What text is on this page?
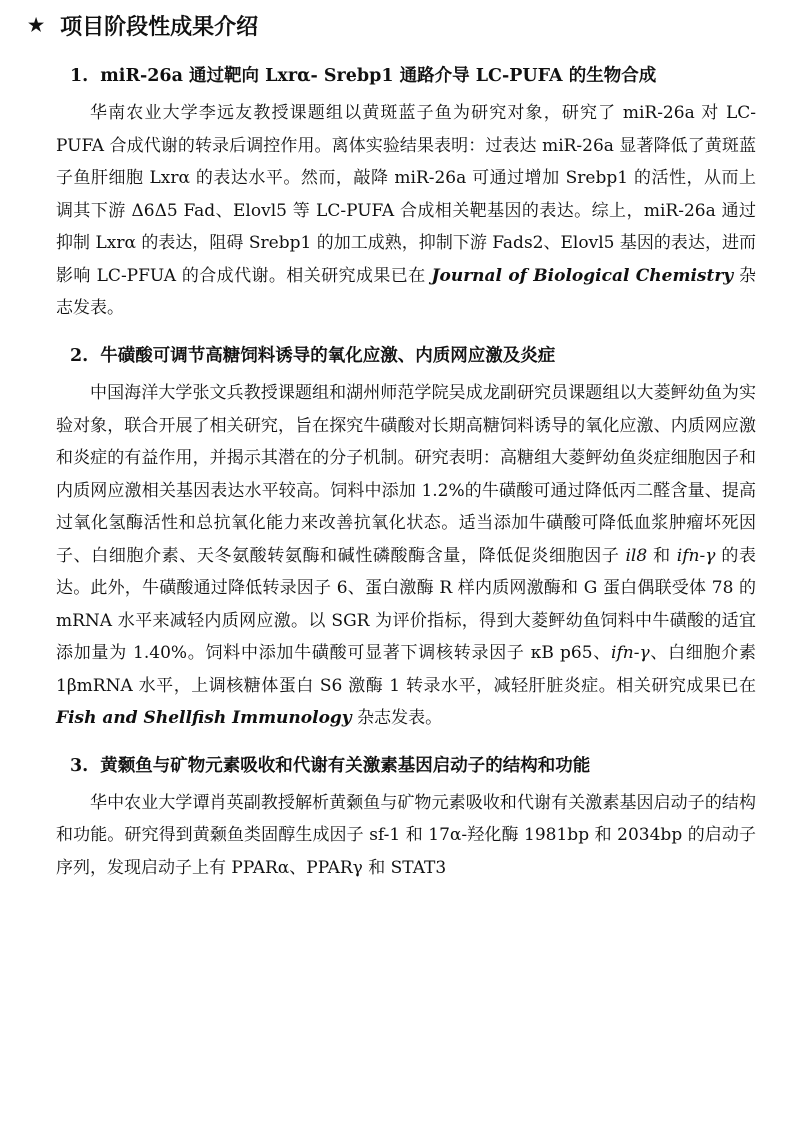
★ 项目阶段性成果介绍
1. miR-26a 通过靶向 Lxrα- Srebp1 通路介导 LC-PUFA 的生物合成

华南农业大学李远友教授课题组以黄斑蓝子鱼为研究对象，研究了 miR-26a 对 LC-PUFA 合成代谢的转录后调控作用。离体实验结果表明：过表达 miR-26a 显著降低了黄斑蓝子鱼肝细胞 Lxrα 的表达水平。然而，敲降 miR-26a 可通过增加 Srebp1 的活性，从而上调其下游 Δ6Δ5 Fad、Elovl5 等 LC-PUFA 合成相关靶基因的表达。综上，miR-26a 通过抑制 Lxrα 的表达，阻碍 Srebp1 的加工成熟，抑制下游 Fads2、Elovl5 基因的表达，进而影响 LC-PFUA 的合成代谢。相关研究成果已在 Journal of Biological Chemistry 杂志发表。

2. 牛磺酸可调节高糖饲料诱导的氧化应激、内质网应激及炎症

中国海洋大学张文兵教授课题组和湖州师范学院吴成龙副研究员课题组以大菱鲆幼鱼为实验对象，联合开展了相关研究，旨在探究牛磺酸对长期高糖饲料诱导的氧化应激、内质网应激和炎症的有益作用，并揭示其潜在的分子机制。研究表明：高糖组大菱鲆幼鱼炎症细胞因子和内质网应激相关基因表达水平较高。饲料中添加 1.2%的牛磺酸可通过降低丙二醛含量、提高过氧化氢酶活性和总抗氧化能力来改善抗氧化状态。适当添加牛磺酸可降低血浆肿瘤坏死因子、白细胞介素、天冬氨酸转氨酶和碱性磷酸酶含量，降低促炎细胞因子 il8 和 ifn-γ 的表达。此外，牛磺酸通过降低转录因子 6、蛋白激酶 R 样内质网激酶和 G 蛋白偶联受体 78 的 mRNA 水平来减轻内质网应激。以 SGR 为评价指标，得到大菱鲆幼鱼饲料中牛磺酸的适宜添加量为 1.40%。饲料中添加牛磺酸可显著下调核转录因子 κB p65、ifn-γ、白细胞介素 1βmRNA 水平，上调核糖体蛋白 S6 激酶 1 转录水平，减轻肝脏炎症。相关研究成果已在 Fish and Shellfish Immunology 杂志发表。

3. 黄颡鱼与矿物元素吸收和代谢有关激素基因启动子的结构和功能

华中农业大学谭肖英副教授解析黄颡鱼与矿物元素吸收和代谢有关激素基因启动子的结构和功能。研究得到黄颡鱼类固醇生成因子 sf-1 和 17α-羟化酶 1981bp 和 2034bp 的启动子序列，发现启动子上有 PPARα、PPARγ 和 STAT3
